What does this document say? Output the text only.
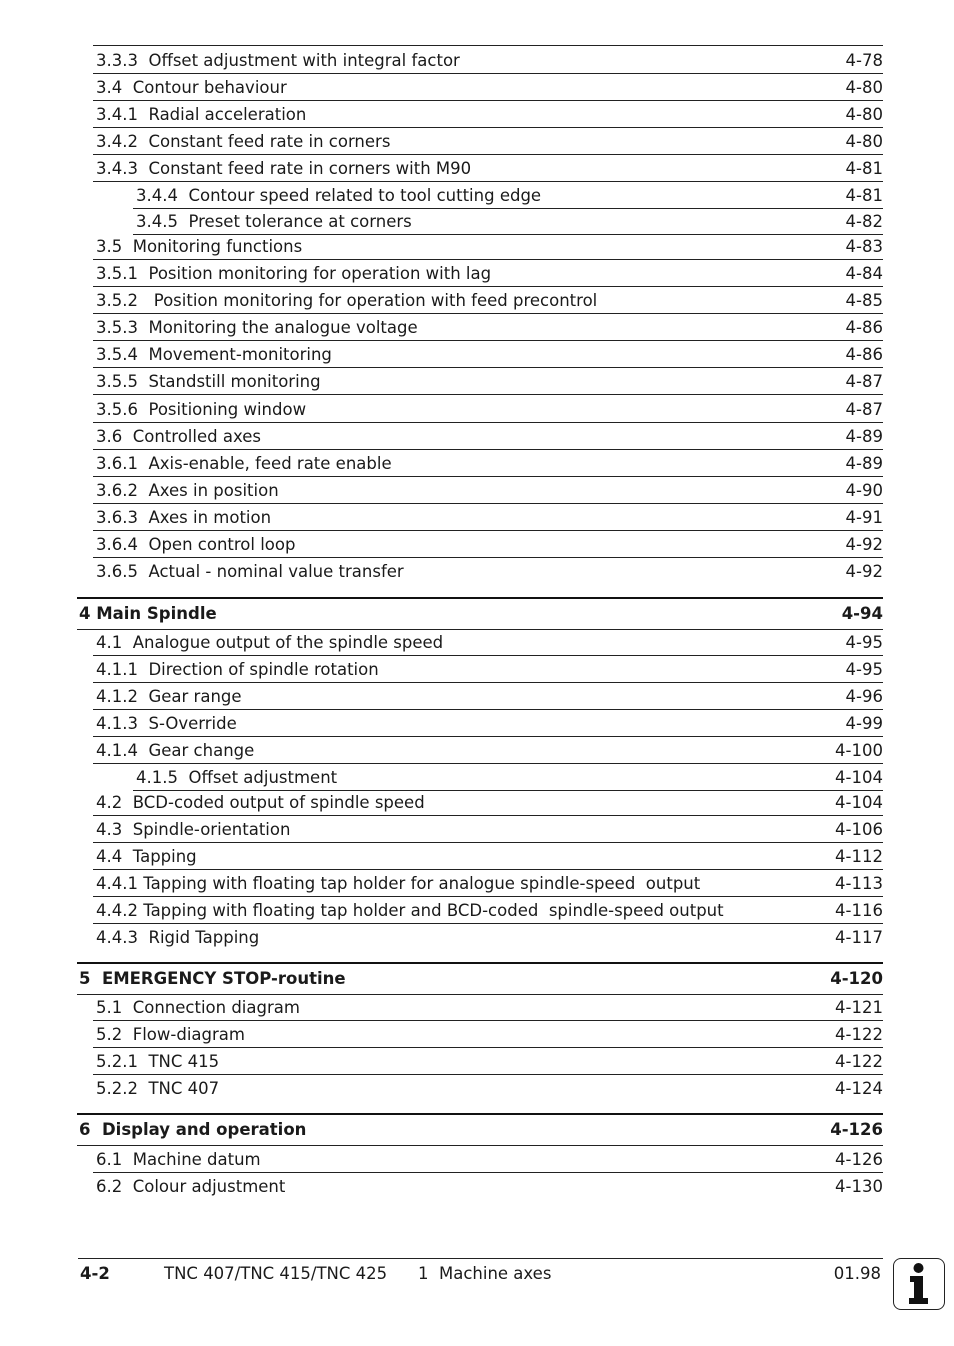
3.3.3  Offset adjustment with integral factor	4-78
3.4  Contour behaviour	4-80
3.4.1  Radial acceleration	4-80
3.4.2  Constant feed rate in corners	4-80
3.4.3  Constant feed rate in corners with M90	4-81
3.4.4  Contour speed related to tool cutting edge	4-81
3.4.5  Preset tolerance at corners	4-82
3.5  Monitoring functions	4-83
3.5.1  Position monitoring for operation with lag	4-84
3.5.2   Position monitoring for operation with feed precontrol	4-85
3.5.3  Monitoring the analogue voltage	4-86
3.5.4  Movement-monitoring	4-86
3.5.5  Standstill monitoring	4-87
3.5.6  Positioning window	4-87
3.6  Controlled axes	4-89
3.6.1  Axis-enable, feed rate enable	4-89
3.6.2  Axes in position	4-90
3.6.3  Axes in motion	4-91
3.6.4  Open control loop	4-92
3.6.5  Actual - nominal value transfer	4-92
4 Main Spindle	4-94
4.1  Analogue output of the spindle speed	4-95
4.1.1  Direction of spindle rotation	4-95
4.1.2  Gear range	4-96
4.1.3  S-Override	4-99
4.1.4  Gear change	4-100
4.1.5  Offset adjustment	4-104
4.2  BCD-coded output of spindle speed	4-104
4.3  Spindle-orientation	4-106
4.4  Tapping	4-112
4.4.1 Tapping with floating tap holder for analogue spindle-speed  output	4-113
4.4.2 Tapping with floating tap holder and BCD-coded  spindle-speed output	4-116
4.4.3  Rigid Tapping	4-117
5  EMERGENCY STOP-routine	4-120
5.1  Connection diagram	4-121
5.2  Flow-diagram	4-122
5.2.1  TNC 415	4-122
5.2.2  TNC 407	4-124
6  Display and operation	4-126
6.1  Machine datum	4-126
6.2  Colour adjustment	4-130
4-2	TNC 407/TNC 415/TNC 425 1  Machine axes	01.98
